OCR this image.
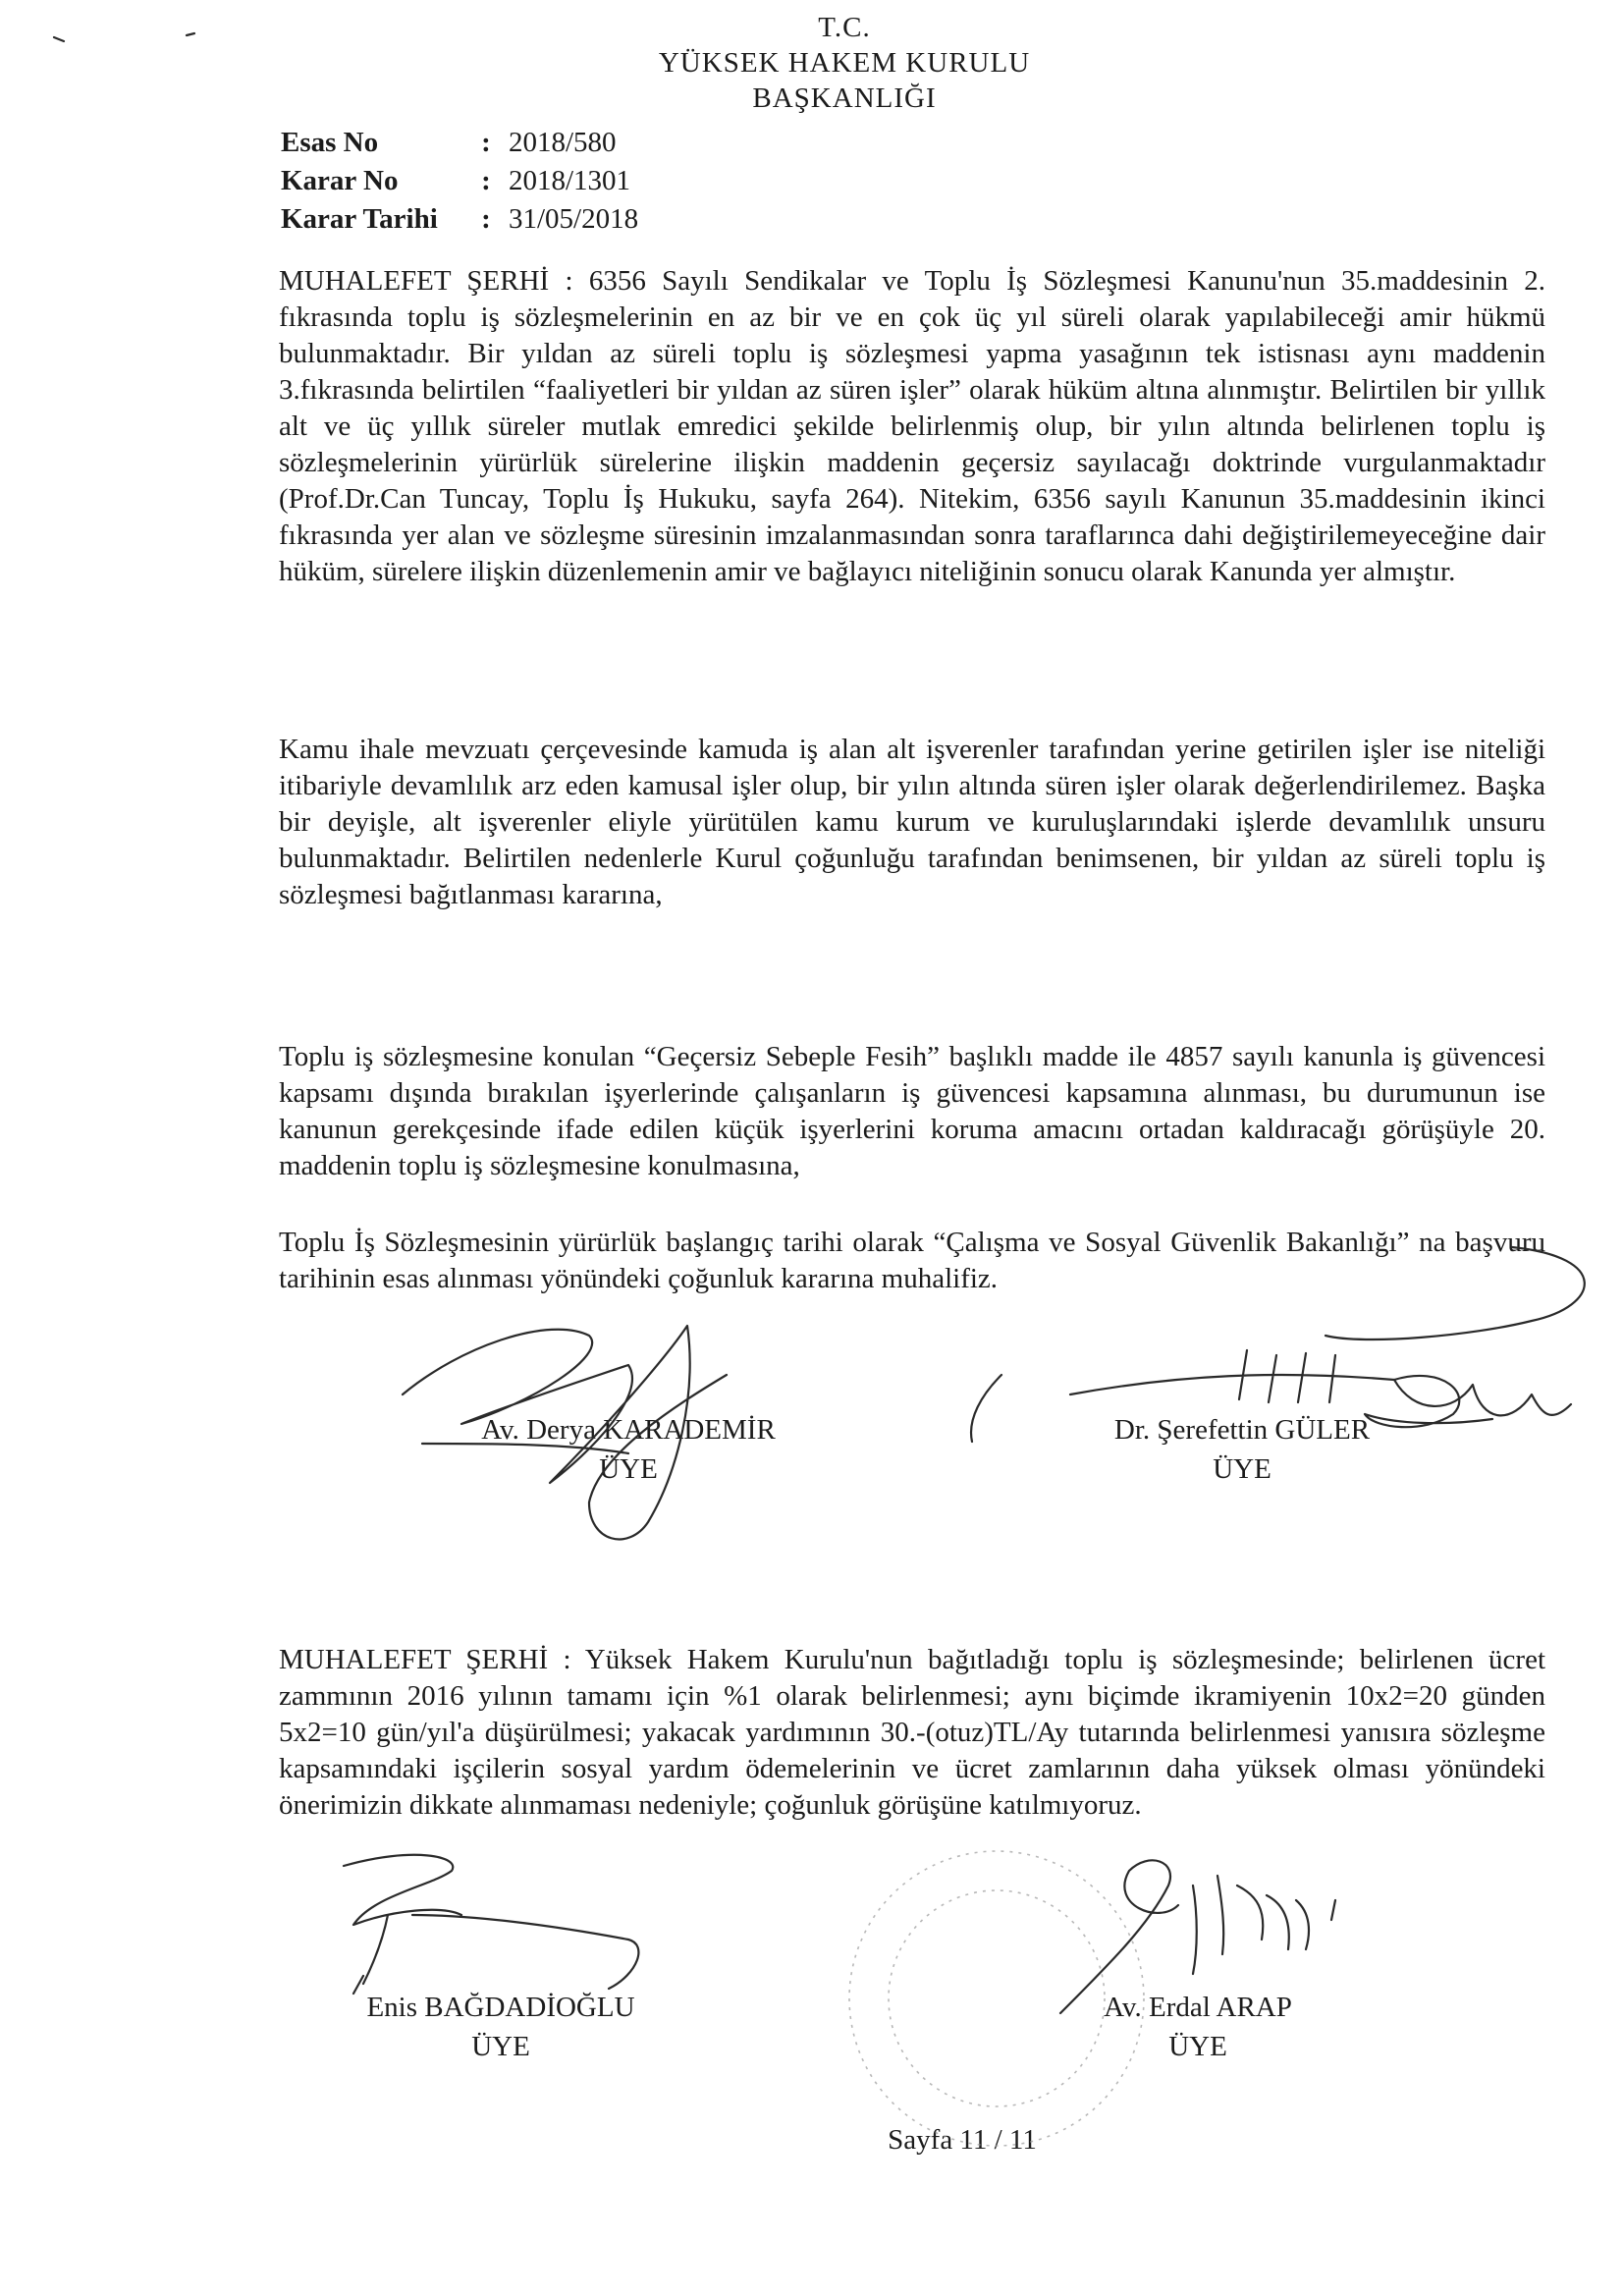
T.C.
YÜKSEK HAKEM KURULU
BAŞKANLIĞI
Esas No	: 2018/580
Karar No	: 2018/1301
Karar Tarihi	: 31/05/2018
MUHALEFET ŞERHİ : 6356 Sayılı Sendikalar ve Toplu İş Sözleşmesi Kanunu'nun 35.maddesinin 2. fıkrasında toplu iş sözleşmelerinin en az bir ve en çok üç yıl süreli olarak yapılabileceği amir hükmü bulunmaktadır. Bir yıldan az süreli toplu iş sözleşmesi yapma yasağının tek istisnası aynı maddenin 3.fıkrasında belirtilen “faaliyetleri bir yıldan az süren işler” olarak hüküm altına alınmıştır. Belirtilen bir yıllık alt ve üç yıllık süreler mutlak emredici şekilde belirlenmiş olup, bir yılın altında belirlenen toplu iş sözleşmelerinin yürürlük sürelerine ilişkin maddenin geçersiz sayılacağı doktrinde vurgulanmaktadır (Prof.Dr.Can Tuncay, Toplu İş Hukuku, sayfa 264). Nitekim, 6356 sayılı Kanunun 35.maddesinin ikinci fıkrasında yer alan ve sözleşme süresinin imzalanmasından sonra taraflarınca dahi değiştirilemeyeceğine dair hüküm, sürelere ilişkin düzenlemenin amir ve bağlayıcı niteliğinin sonucu olarak Kanunda yer almıştır.
Kamu ihale mevzuatı çerçevesinde kamuda iş alan alt işverenler tarafından yerine getirilen işler ise niteliği itibariyle devamlılık arz eden kamusal işler olup, bir yılın altında süren işler olarak değerlendirilemez. Başka bir deyişle, alt işverenler eliyle yürütülen kamu kurum ve kuruluşlarındaki işlerde devamlılık unsuru bulunmaktadır. Belirtilen nedenlerle Kurul çoğunluğu tarafından benimsenen, bir yıldan az süreli toplu iş sözleşmesi bağıtlanması kararına,
Toplu iş sözleşmesine konulan “Geçersiz Sebeple Fesih” başlıklı madde ile 4857 sayılı kanunla iş güvencesi kapsamı dışında bırakılan işyerlerinde çalışanların iş güvencesi kapsamına alınması, bu durumunun ise kanunun gerekçesinde ifade edilen küçük işyerlerini koruma amacını ortadan kaldıracağı görüşüyle 20. maddenin toplu iş sözleşmesine konulmasına,
Toplu İş Sözleşmesinin yürürlük başlangıç tarihi olarak “Çalışma ve Sosyal Güvenlik Bakanlığı” na başvuru tarihinin esas alınması yönündeki çoğunluk kararına muhalifiz.
Av. Derya KARADEMİR
ÜYE
Dr. Şerefettin GÜLER
ÜYE
MUHALEFET ŞERHİ : Yüksek Hakem Kurulu'nun bağıtladığı toplu iş sözleşmesinde; belirlenen ücret zammının 2016 yılının tamamı için %1 olarak belirlenmesi; aynı biçimde ikramiyenin 10x2=20 günden 5x2=10 gün/yıl'a düşürülmesi; yakacak yardımının 30.-(otuz)TL/Ay tutarında belirlenmesi yanısıra sözleşme kapsamındaki işçilerin sosyal yardım ödemelerinin ve ücret zamlarının daha yüksek olması yönündeki önerimizin dikkate alınmaması nedeniyle; çoğunluk görüşüne katılmıyoruz.
Enis BAĞDADİOĞLU
ÜYE
Av. Erdal ARAP
ÜYE
Sayfa 11 / 11
